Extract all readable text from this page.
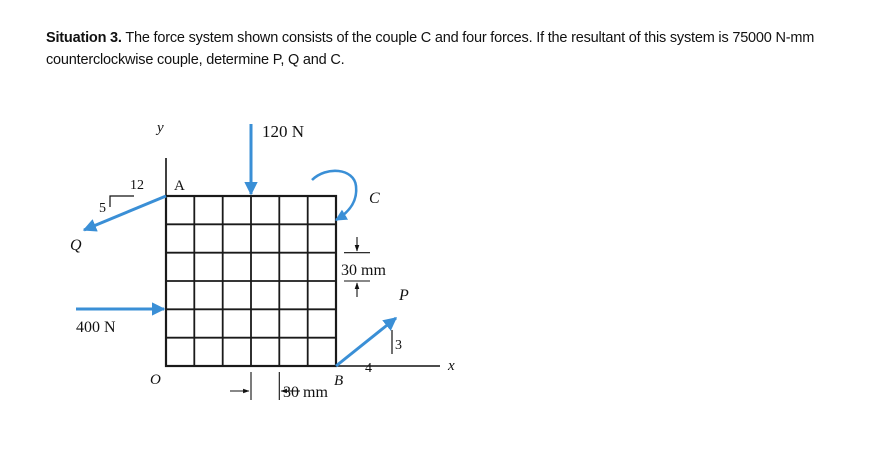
Situation 3. The force system shown consists of the couple C and four forces. If the resultant of this system is 75000 N-mm
counterclockwise couple, determine P, Q and C.
y
x
A
O	B
120 N
400 N
Q
12
5
C
30 mm
P
3
4
30 mm
